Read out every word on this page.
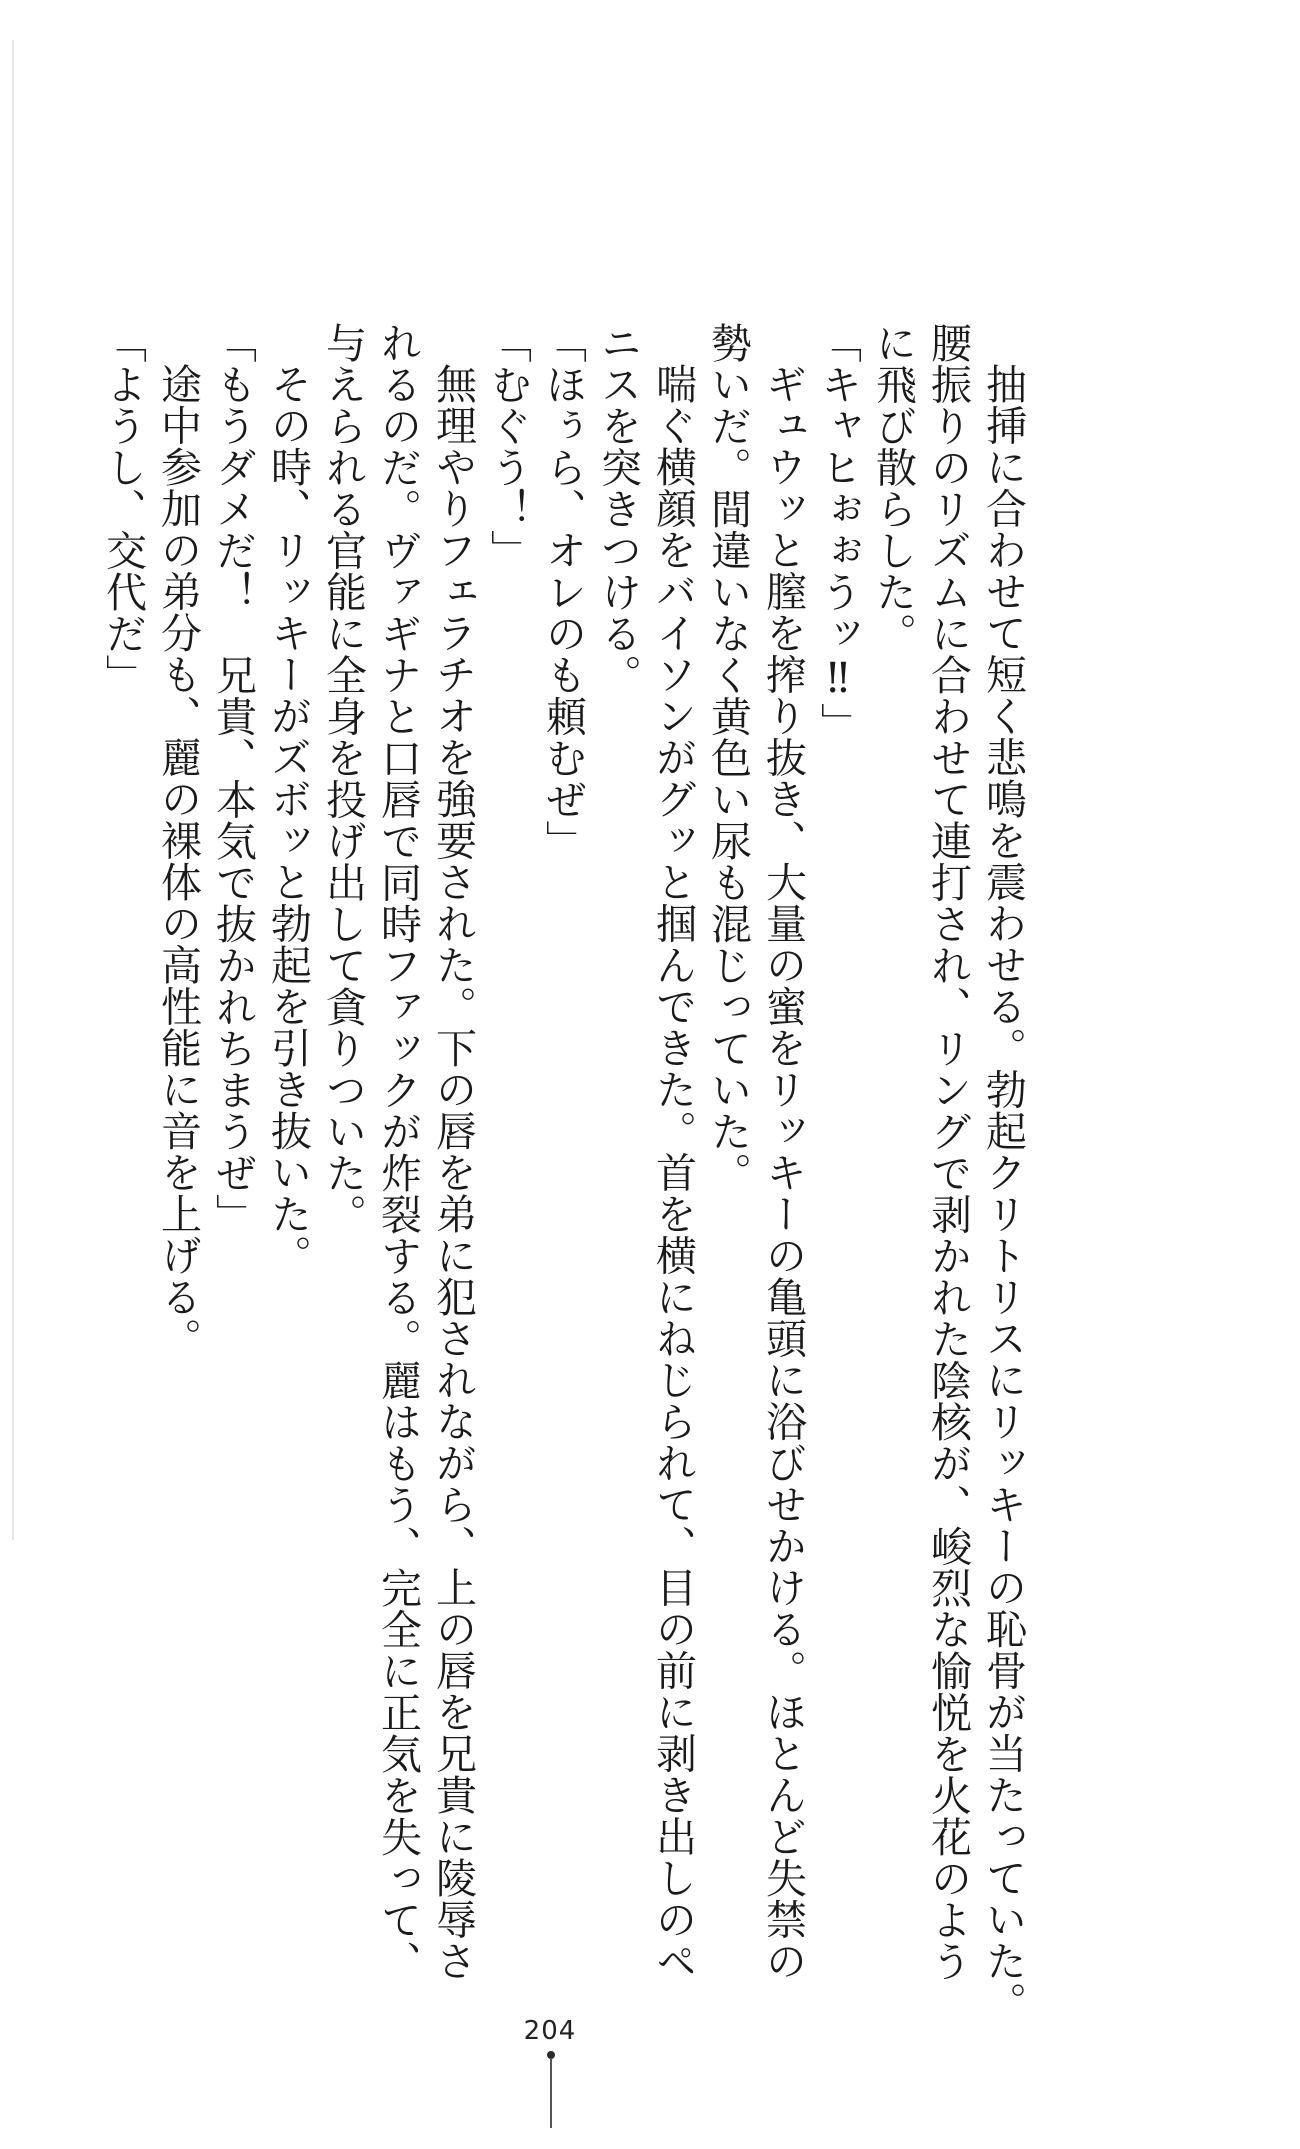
抽挿に合わせて短く悲鳴を震わせる。勃起クリトリスにリッキーの恥骨が当たっていた。

腰振りのリズムに合わせて連打され、リングで剥かれた陰核が、峻烈な愉悦を火花のよう

に飛び散らした。

「キャヒぉぉうッ‼」

ギュウッと膣を搾り抜き、大量の蜜をリッキーの亀頭に浴びせかける。ほとんど失禁の

勢いだ。間違いなく黄色い尿も混じっていた。

喘ぐ横顔をバイソンがグッと掴んできた。首を横にねじられて、目の前に剥き出しのペ

ニスを突きつける。

「ほぅら、オレのも頼むぜ」

「むぐう！」

無理やりフェラチオを強要された。下の唇を弟に犯されながら、上の唇を兄貴に陵辱さ

れるのだ。ヴァギナと口唇で同時ファックが炸裂する。麗はもう、完全に正気を失って、

与えられる官能に全身を投げ出して貪りついた。

その時、リッキーがズボッと勃起を引き抜いた。

「もうダメだ！　兄貴、本気で抜かれちまうぜ」

途中参加の弟分も、麗の裸体の高性能に音を上げる。

「ようし、交代だ」

204
